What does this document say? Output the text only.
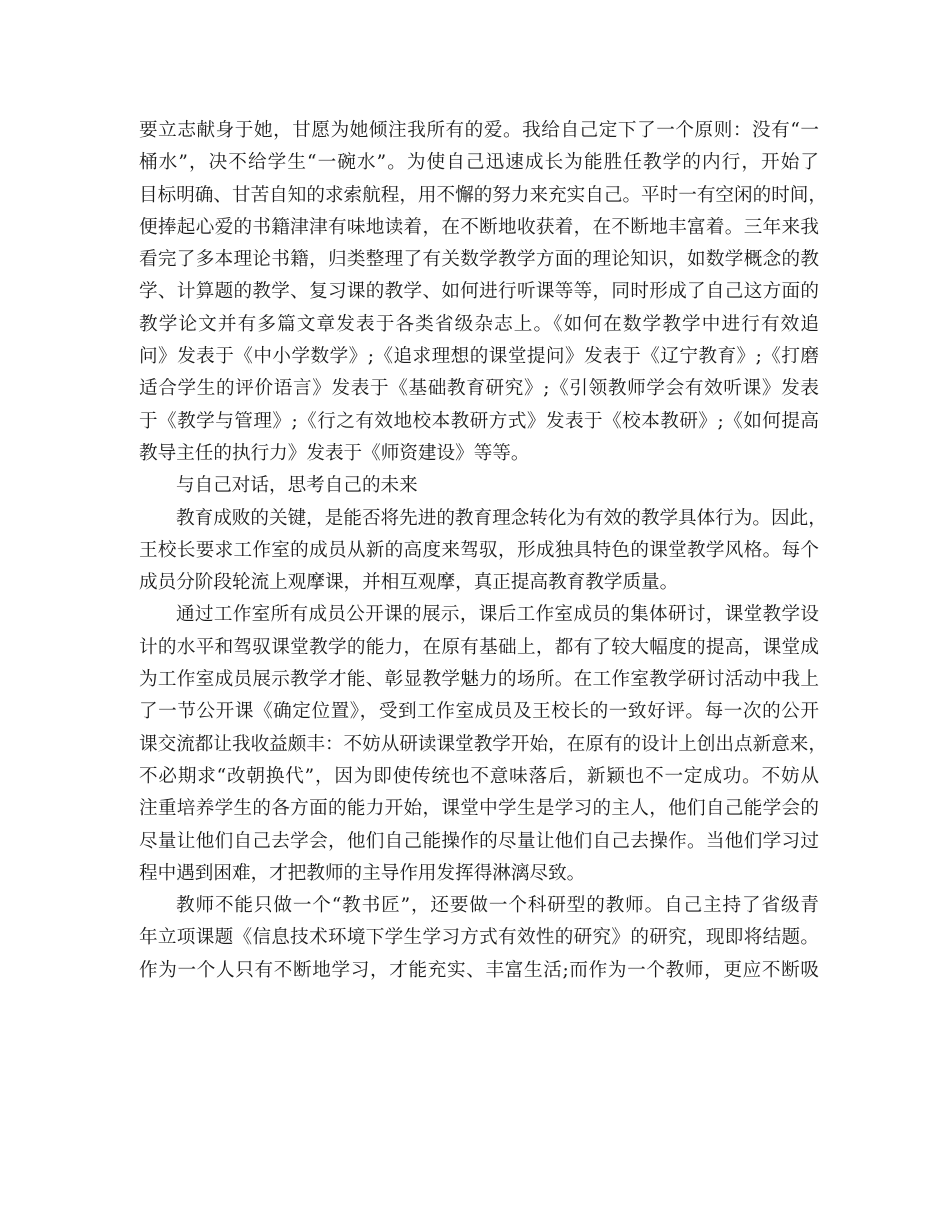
要立志献身于她，甘愿为她倾注我所有的爱。我给自己定下了一个原则：没有“一
桶水”，决不给学生“一碗水”。为使自己迅速成长为能胜任教学的内行，开始了
目标明确、甘苦自知的求索航程，用不懈的努力来充实自己。平时一有空闲的时间，
便捧起心爱的书籍津津有味地读着，在不断地收获着，在不断地丰富着。三年来我
看完了多本理论书籍，归类整理了有关数学教学方面的理论知识，如数学概念的教
学、计算题的教学、复习课的教学、如何进行听课等等，同时形成了自己这方面的
教学论文并有多篇文章发表于各类省级杂志上。《如何在数学教学中进行有效追
问》发表于《中小学数学》;《追求理想的课堂提问》发表于《辽宁教育》;《打磨
适合学生的评价语言》发表于《基础教育研究》;《引领教师学会有效听课》发表
于《教学与管理》;《行之有效地校本教研方式》发表于《校本教研》;《如何提高
教导主任的执行力》发表于《师资建设》等等。
与自己对话，思考自己的未来
教育成败的关键，是能否将先进的教育理念转化为有效的教学具体行为。因此，
王校长要求工作室的成员从新的高度来驾驭，形成独具特色的课堂教学风格。每个
成员分阶段轮流上观摩课，并相互观摩，真正提高教育教学质量。
通过工作室所有成员公开课的展示，课后工作室成员的集体研讨，课堂教学设
计的水平和驾驭课堂教学的能力，在原有基础上，都有了较大幅度的提高，课堂成
为工作室成员展示教学才能、彰显教学魅力的场所。在工作室教学研讨活动中我上
了一节公开课《确定位置》，受到工作室成员及王校长的一致好评。每一次的公开
课交流都让我收益颇丰：不妨从研读课堂教学开始，在原有的设计上创出点新意来，
不必期求“改朝换代”，因为即使传统也不意味落后，新颖也不一定成功。不妨从
注重培养学生的各方面的能力开始，课堂中学生是学习的主人，他们自己能学会的
尽量让他们自己去学会，他们自己能操作的尽量让他们自己去操作。当他们学习过
程中遇到困难，才把教师的主导作用发挥得淋漓尽致。
教师不能只做一个“教书匠”，还要做一个科研型的教师。自己主持了省级青
年立项课题《信息技术环境下学生学习方式有效性的研究》的研究，现即将结题。
作为一个人只有不断地学习，才能充实、丰富生活;而作为一个教师，更应不断吸
